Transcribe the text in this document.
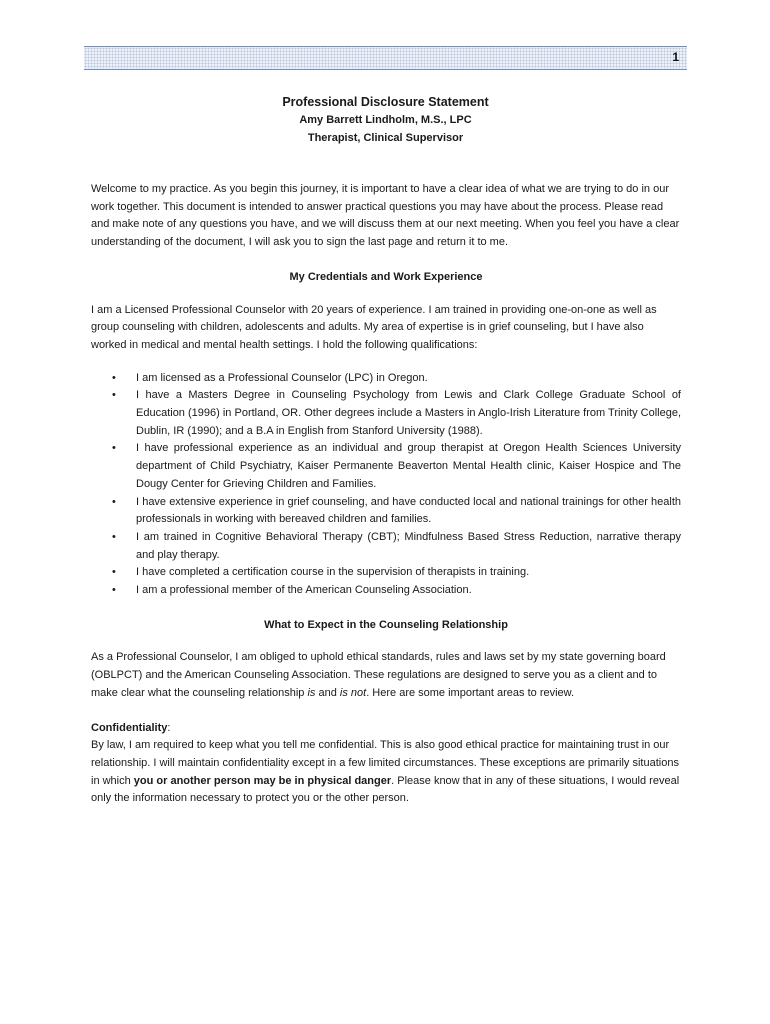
1
Professional Disclosure Statement
Amy Barrett Lindholm, M.S., LPC
Therapist, Clinical Supervisor

Welcome to my practice. As you begin this journey, it is important to have a clear idea of what we are trying to do in our work together. This document is intended to answer practical questions you may have about the process. Please read and make note of any questions you have, and we will discuss them at our next meeting. When you feel you have a clear understanding of the document, I will ask you to sign the last page and return it to me.

My Credentials and Work Experience

I am a Licensed Professional Counselor with 20 years of experience. I am trained in providing one-on-one as well as group counseling with children, adolescents and adults. My area of expertise is in grief counseling, but I have also worked in medical and mental health settings. I hold the following qualifications:

• I am licensed as a Professional Counselor (LPC) in Oregon.
• I have a Masters Degree in Counseling Psychology from Lewis and Clark College Graduate School of Education (1996) in Portland, OR. Other degrees include a Masters in Anglo-Irish Literature from Trinity College, Dublin, IR (1990); and a B.A in English from Stanford University (1988).
• I have professional experience as an individual and group therapist at Oregon Health Sciences University department of Child Psychiatry, Kaiser Permanente Beaverton Mental Health clinic, Kaiser Hospice and The Dougy Center for Grieving Children and Families.
• I have extensive experience in grief counseling, and have conducted local and national trainings for other health professionals in working with bereaved children and families.
• I am trained in Cognitive Behavioral Therapy (CBT); Mindfulness Based Stress Reduction, narrative therapy and play therapy.
• I have completed a certification course in the supervision of therapists in training.
• I am a professional member of the American Counseling Association.

What to Expect in the Counseling Relationship

As a Professional Counselor, I am obliged to uphold ethical standards, rules and laws set by my state governing board (OBLPCT) and the American Counseling Association. These regulations are designed to serve you as a client and to make clear what the counseling relationship is and is not. Here are some important areas to review.

Confidentiality:

By law, I am required to keep what you tell me confidential. This is also good ethical practice for maintaining trust in our relationship. I will maintain confidentiality except in a few limited circumstances. These exceptions are primarily situations in which you or another person may be in physical danger. Please know that in any of these situations, I would reveal only the information necessary to protect you or the other person.
